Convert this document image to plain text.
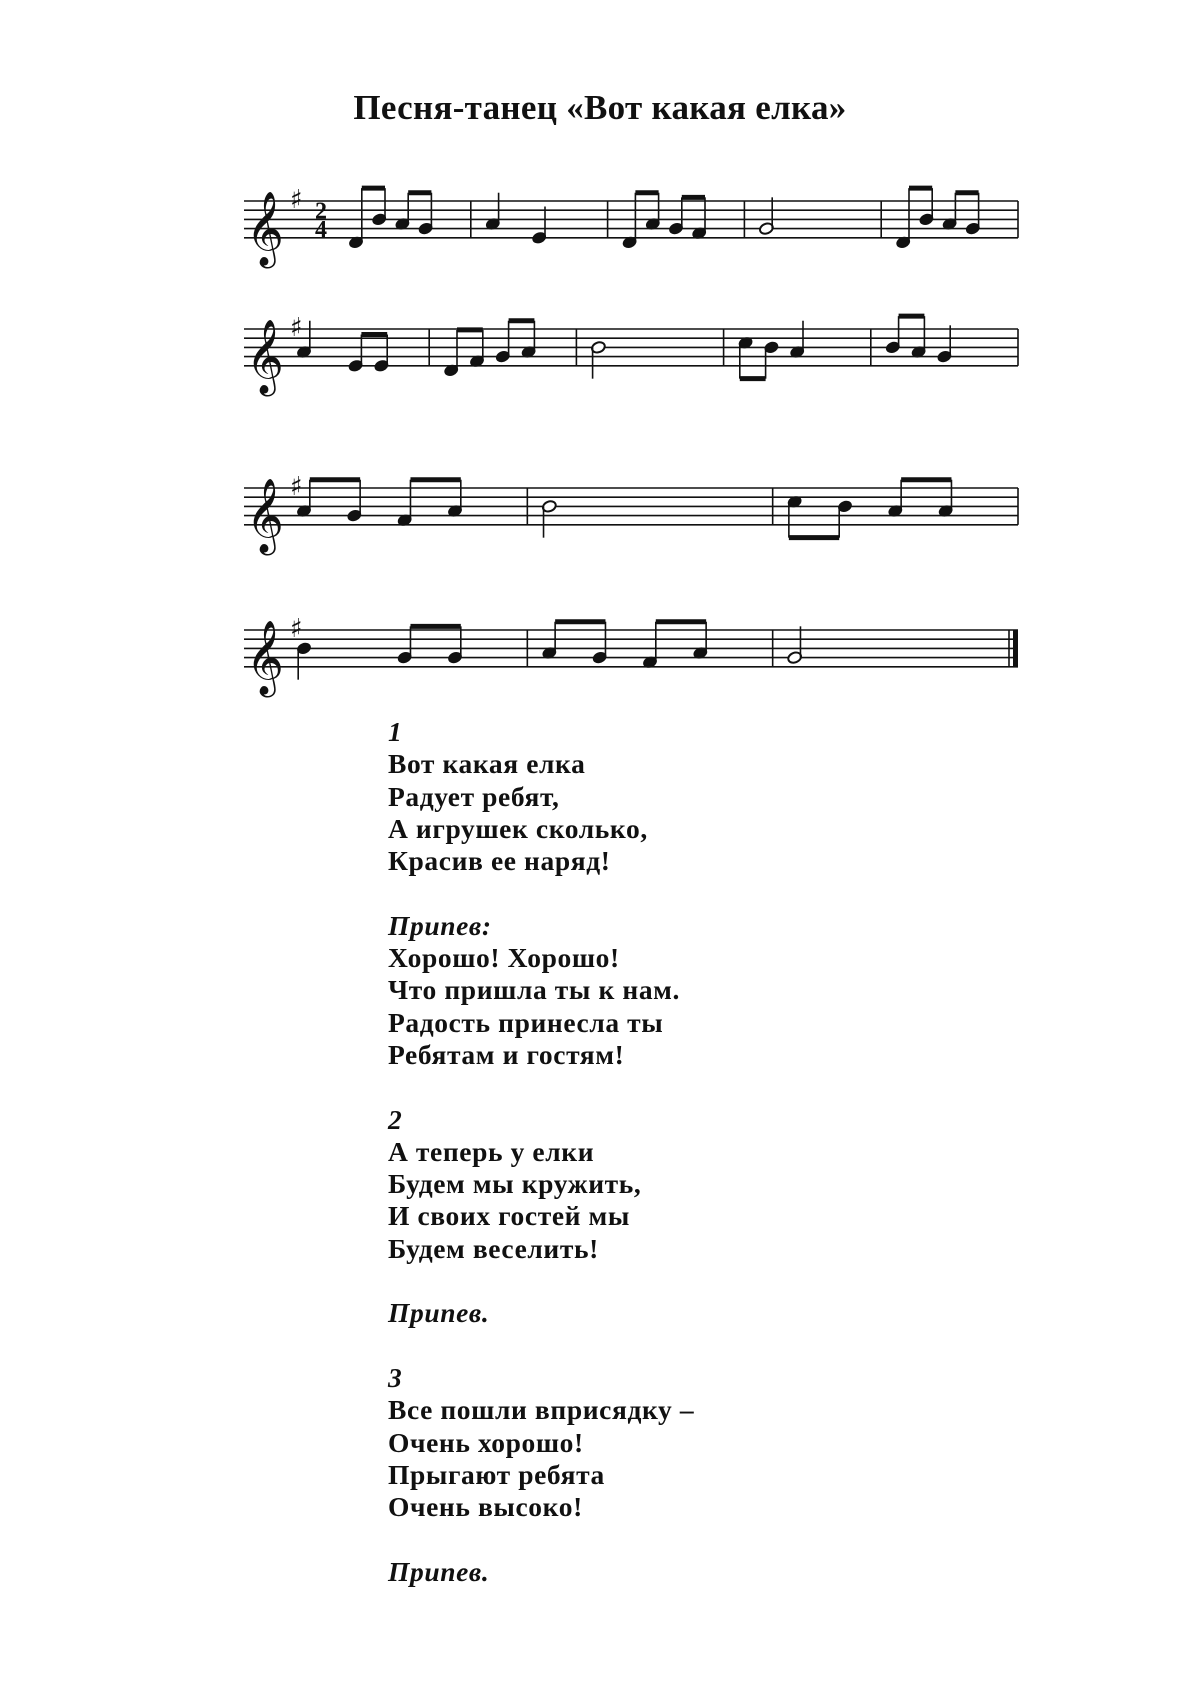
Песня-танец «Вот какая елка»
𝄞 ♯ 2
4
𝄞 ♯
𝄞 ♯
𝄞 ♯
1
Вот какая елка
Радует ребят,
А игрушек сколько,
Красив ее наряд!
Припев:
Хорошо! Хорошо!
Что пришла ты к нам.
Радость принесла ты
Ребятам и гостям!
2
А теперь у елки
Будем мы кружить,
И своих гостей мы
Будем веселить!
Припев.
3
Все пошли вприсядку –
Очень хорошо!
Прыгают ребята
Очень высоко!
Припев.
